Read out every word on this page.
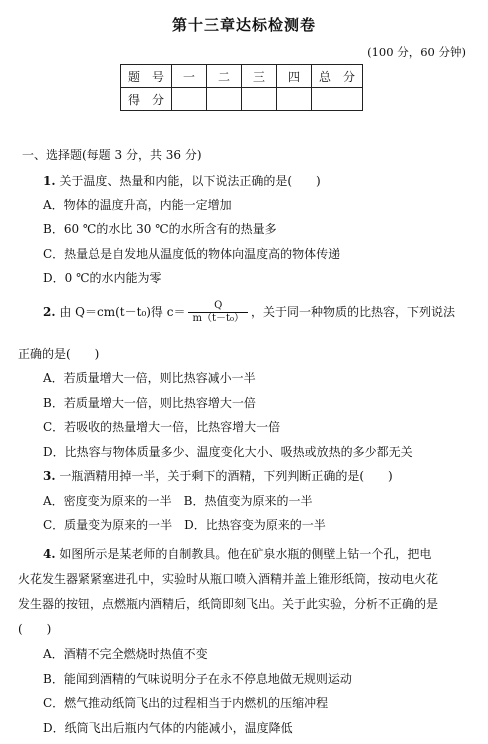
第十三章达标检测卷
(100 分，60 分钟)
题　号	一	二	三	四	总　分
得　分					
一、选择题(每题 3 分，共 36 分)
1. 关于温度、热量和内能，以下说法正确的是(　　)
A．物体的温度升高，内能一定增加
B．60 ℃的水比 30 ℃的水所含有的热量多
C．热量总是自发地从温度低的物体向温度高的物体传递
D．0 ℃的水内能为零
2. 由 Q＝cm(t－t₀)得 $c= \frac{Q}{\text{m（t－t₀）}}$ ，关于同一种物质的比热容，下列说法
正确的是(　　)
A．若质量增大一倍，则比热容减小一半
B．若质量增大一倍，则比热容增大一倍
C．若吸收的热量增大一倍，比热容增大一倍
D．比热容与物体质量多少、温度变化大小、吸热或放热的多少都无关
3. 一瓶酒精用掉一半，关于剩下的酒精，下列判断正确的是(　　)
A．密度变为原来的一半　B．热值变为原来的一半
C．质量变为原来的一半　D．比热容变为原来的一半
4. 如图所示是某老师的自制教具。他在矿泉水瓶的侧壁上钻一个孔，把电
火花发生器紧紧塞进孔中，实验时从瓶口喷入酒精并盖上锥形纸筒，按动电火花
发生器的按钮，点燃瓶内酒精后，纸筒即刻飞出。关于此实验，分析不正确的是
(　　)
A．酒精不完全燃烧时热值不变
B．能闻到酒精的气味说明分子在永不停息地做无规则运动
C．燃气推动纸筒飞出的过程相当于内燃机的压缩冲程
D．纸筒飞出后瓶内气体的内能减小，温度降低
